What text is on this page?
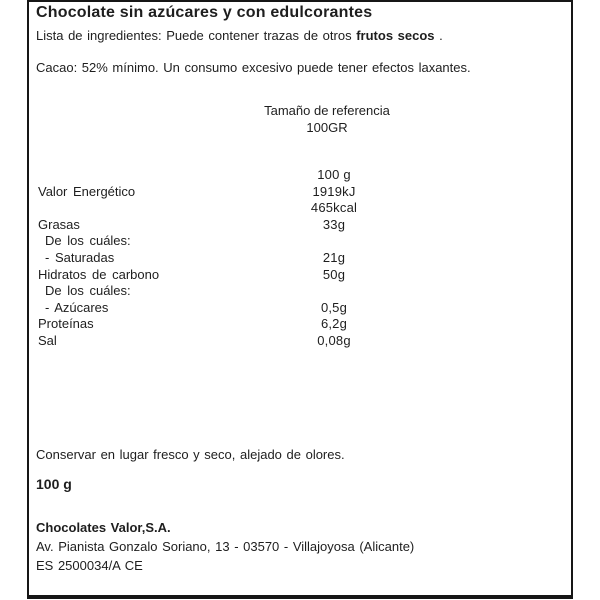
Chocolate sin azúcares y con edulcorantes
Lista de ingredientes: Puede contener trazas de otros frutos secos .
Cacao: 52% mínimo. Un consumo excesivo puede tener efectos laxantes.
Tamaño de referencia
100GR
100 g
Valor Energético	1919kJ
465kcal
Grasas	33g
De los cuáles:
- Saturadas	21g
Hidratos de carbono	50g
De los cuáles:
- Azúcares	0,5g
Proteínas	6,2g
Sal	0,08g
Conservar en lugar fresco y seco, alejado de olores.
100 g
Chocolates Valor,S.A.
Av. Pianista Gonzalo Soriano, 13 - 03570 - Villajoyosa (Alicante)
ES 2500034/A CE
